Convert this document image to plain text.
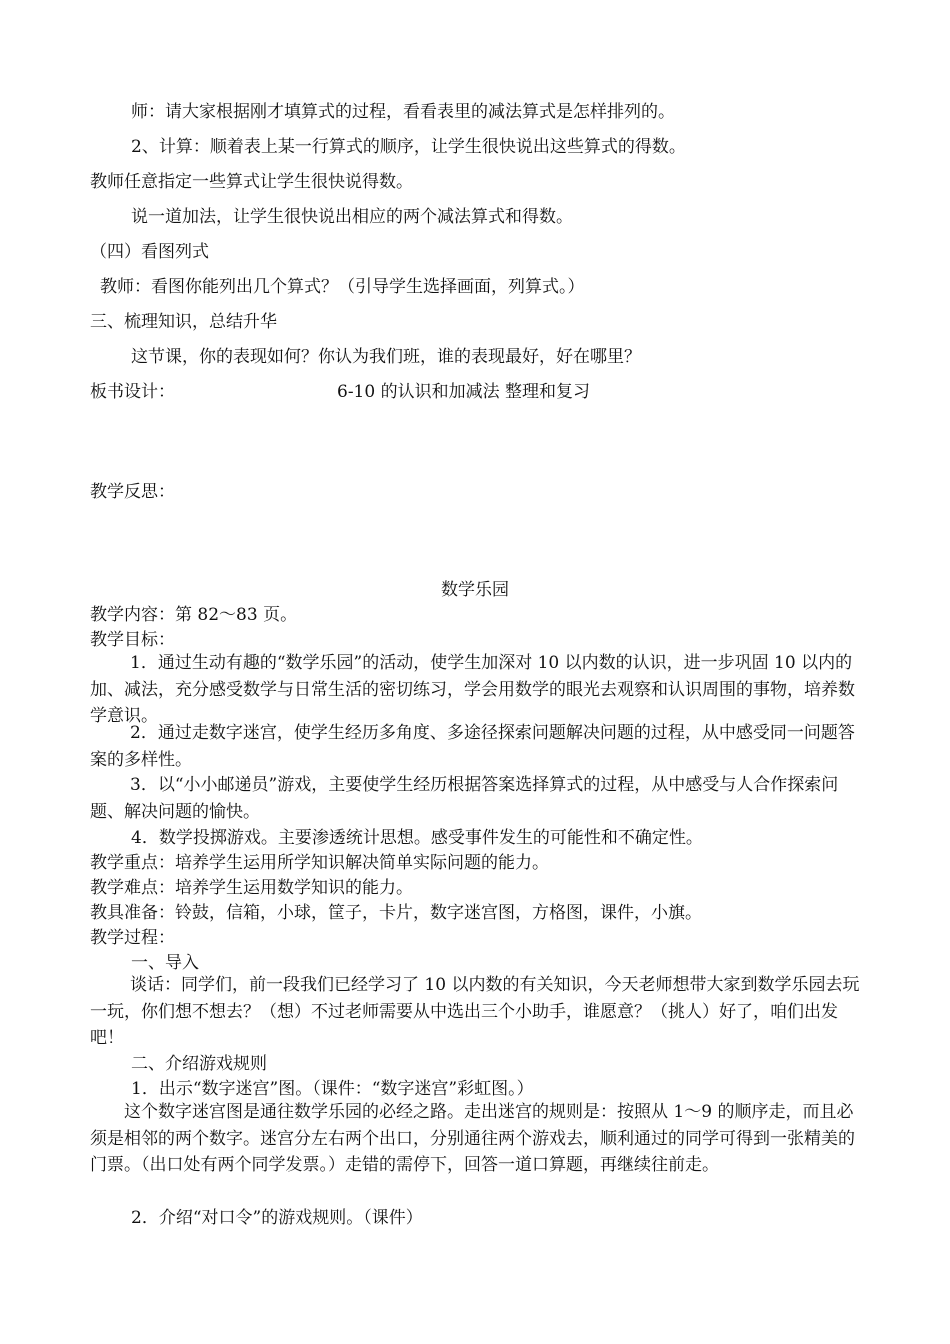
师：请大家根据刚才填算式的过程，看看表里的减法算式是怎样排列的。
2、计算：顺着表上某一行算式的顺序，让学生很快说出这些算式的得数。
教师任意指定一些算式让学生很快说得数。
说一道加法，让学生很快说出相应的两个减法算式和得数。
（四）看图列式
教师：看图你能列出几个算式？（引导学生选择画面，列算式。）
三、梳理知识，总结升华
这节课，你的表现如何？你认为我们班，谁的表现最好，好在哪里？
板书设计：	6-10 的认识和加减法 整理和复习
教学反思：
数学乐园
教学内容：第 82～83 页。
教学目标：
1．通过生动有趣的“数学乐园”的活动，使学生加深对 10 以内数的认识，进一步巩固 10 以内的加、减法，充分感受数学与日常生活的密切练习，学会用数学的眼光去观察和认识周围的事物，培养数学意识。
2．通过走数字迷宫，使学生经历多角度、多途径探索问题解决问题的过程，从中感受同一问题答案的多样性。
3．以“小小邮递员”游戏，主要使学生经历根据答案选择算式的过程，从中感受与人合作探索问题、解决问题的愉快。
4．数学投掷游戏。主要渗透统计思想。感受事件发生的可能性和不确定性。
教学重点：培养学生运用所学知识解决简单实际问题的能力。
教学难点：培养学生运用数学知识的能力。
教具准备：铃鼓，信箱，小球，筐子，卡片，数字迷宫图，方格图，课件，小旗。
教学过程：
一、导入
谈话：同学们，前一段我们已经学习了 10 以内数的有关知识，今天老师想带大家到数学乐园去玩一玩，你们想不想去？（想）不过老师需要从中选出三个小助手，谁愿意？（挑人）好了，咱们出发吧！
二、介绍游戏规则
1．出示“数字迷宫”图。（课件：“数字迷宫”彩虹图。）
这个数字迷宫图是通往数学乐园的必经之路。走出迷宫的规则是：按照从 1～9 的顺序走，而且必须是相邻的两个数字。迷宫分左右两个出口，分别通往两个游戏去，顺利通过的同学可得到一张精美的门票。（出口处有两个同学发票。）走错的需停下，回答一道口算题，再继续往前走。
2．介绍“对口令”的游戏规则。（课件）
